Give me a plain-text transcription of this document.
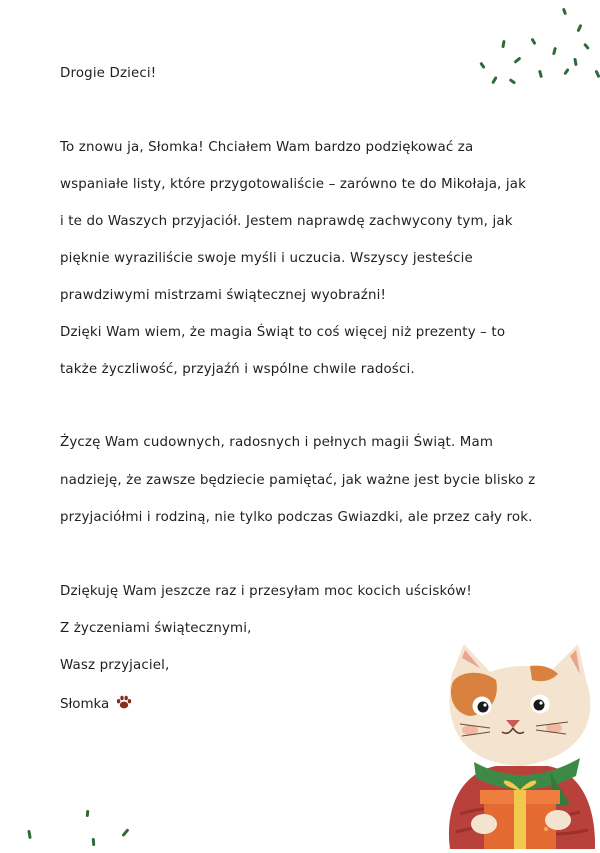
Drogie Dzieci!
To znowu ja, Słomka! Chciałem Wam bardzo podziękować za
wspaniałe listy, które przygotowaliście – zarówno te do Mikołaja, jak
i te do Waszych przyjaciół. Jestem naprawdę zachwycony tym, jak
pięknie wyraziliście swoje myśli i uczucia. Wszyscy jesteście
prawdziwymi mistrzami świątecznej wyobraźni!
Dzięki Wam wiem, że magia Świąt to coś więcej niż prezenty – to
także życzliwość, przyjaźń i wspólne chwile radości.
Życzę Wam cudownych, radosnych i pełnych magii Świąt. Mam
nadzieję, że zawsze będziecie pamiętać, jak ważne jest bycie blisko z
przyjaciółmi i rodziną, nie tylko podczas Gwiazdki, ale przez cały rok.
Dziękuję Wam jeszcze raz i przesyłam moc kocich uścisków!
Z życzeniami świątecznymi,
Wasz przyjaciel,
Słomka
